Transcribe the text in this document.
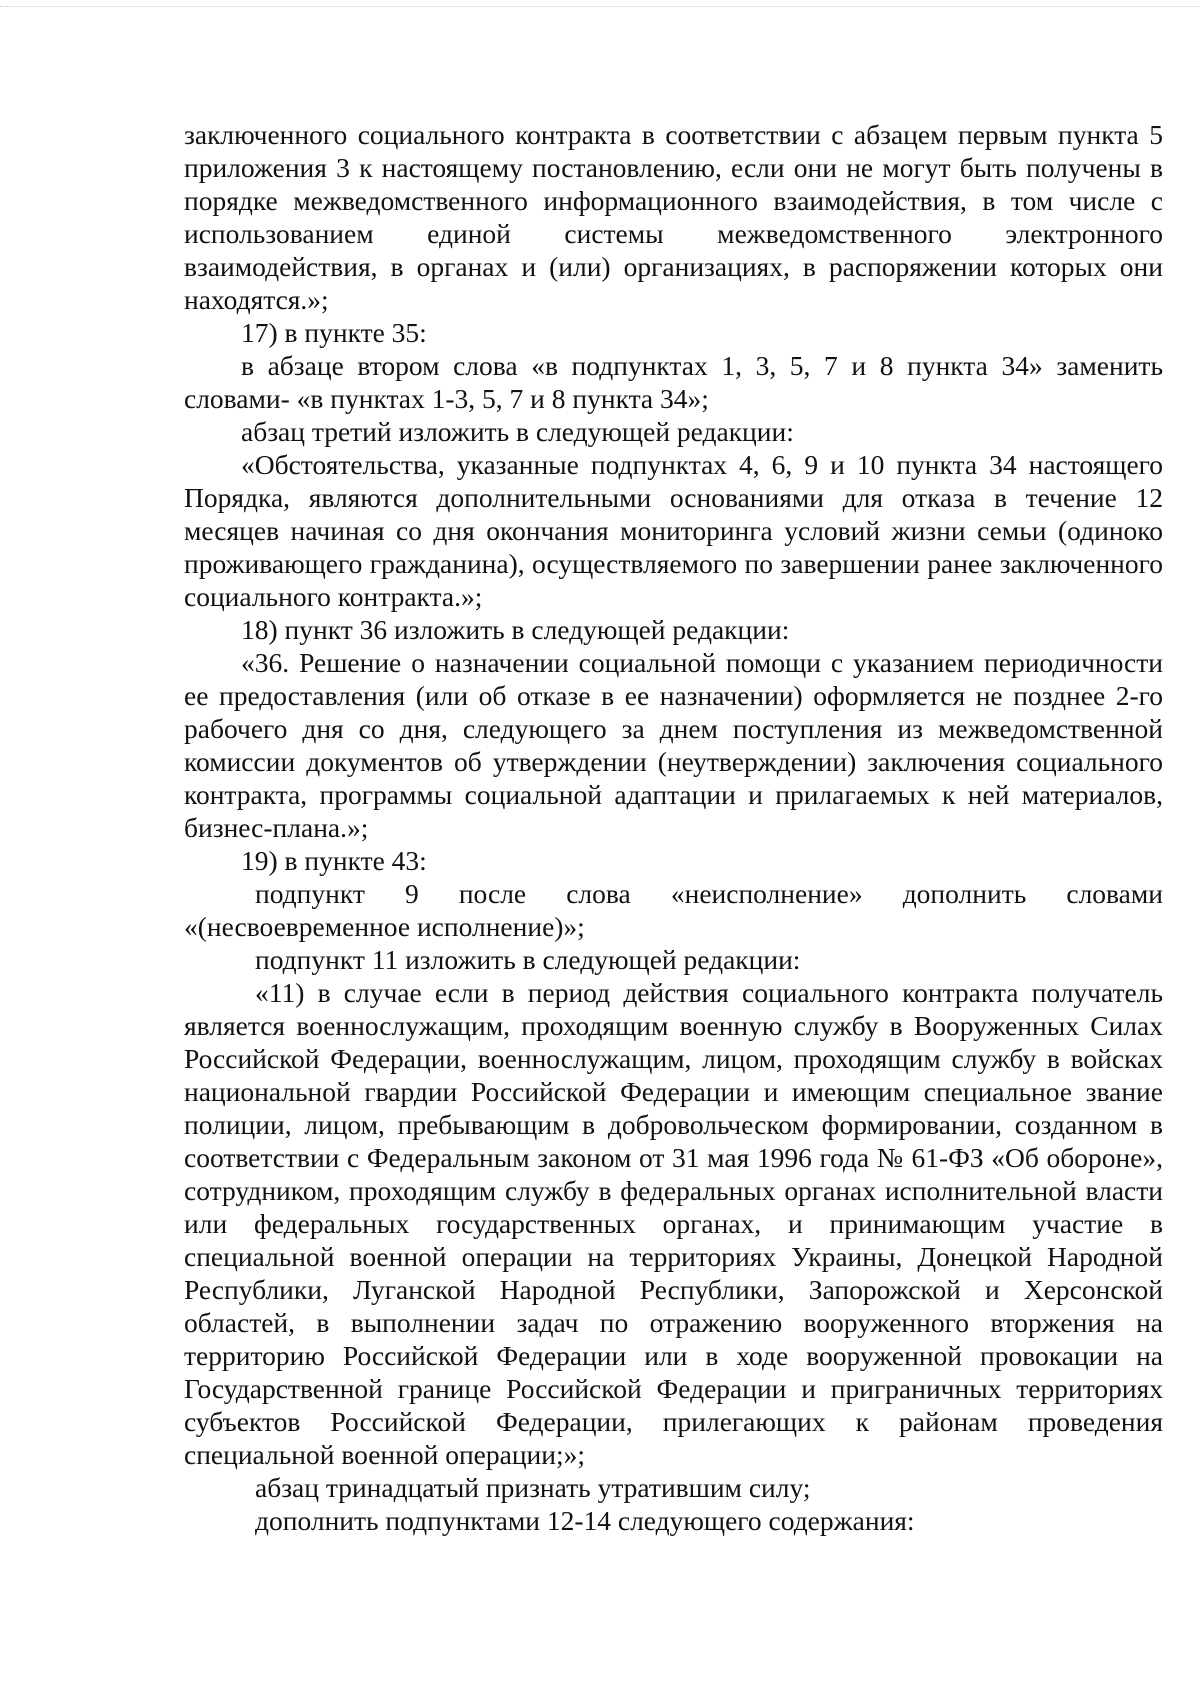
заключенного социального контракта в соответствии с абзацем первым пункта 5 приложения 3 к настоящему постановлению, если они не могут быть получены в порядке межведомственного информационного взаимодействия, в том числе с использованием единой системы межведомственного электронного взаимодействия, в органах и (или) организациях, в распоряжении которых они находятся.»;

17) в пункте 35:

в абзаце втором слова «в подпунктах 1, 3, 5, 7 и 8 пункта 34» заменить словами- «в пунктах 1-3, 5, 7 и 8 пункта 34»;

абзац третий изложить в следующей редакции:

«Обстоятельства, указанные подпунктах 4, 6, 9 и 10 пункта 34 настоящего Порядка, являются дополнительными основаниями для отказа в течение 12 месяцев начиная со дня окончания мониторинга условий жизни семьи (одиноко проживающего гражданина), осуществляемого по завершении ранее заключенного социального контракта.»;

18) пункт 36 изложить в следующей редакции:

«36. Решение о назначении социальной помощи с указанием периодичности ее предоставления (или об отказе в ее назначении) оформляется не позднее 2-го рабочего дня со дня, следующего за днем поступления из межведомственной комиссии документов об утверждении (неутверждении) заключения социального контракта, программы социальной адаптации и прилагаемых к ней материалов, бизнес-плана.»;

19) в пункте 43:

подпункт 9 после слова «неисполнение» дополнить словами «(несвоевременное исполнение)»;

подпункт 11 изложить в следующей редакции:

«11) в случае если в период действия социального контракта получатель является военнослужащим, проходящим военную службу в Вооруженных Силах Российской Федерации, военнослужащим, лицом, проходящим службу в войсках национальной гвардии Российской Федерации и имеющим специальное звание полиции, лицом, пребывающим в добровольческом формировании, созданном в соответствии с Федеральным законом от 31 мая 1996 года № 61-ФЗ «Об обороне», сотрудником, проходящим службу в федеральных органах исполнительной власти или федеральных государственных органах, и принимающим участие в специальной военной операции на территориях Украины, Донецкой Народной Республики, Луганской Народной Республики, Запорожской и Херсонской областей, в выполнении задач по отражению вооруженного вторжения на территорию Российской Федерации или в ходе вооруженной провокации на Государственной границе Российской Федерации и приграничных территориях субъектов Российской Федерации, прилегающих к районам проведения специальной военной операции;»;

абзац тринадцатый признать утратившим силу;

дополнить подпунктами 12-14 следующего содержания:
